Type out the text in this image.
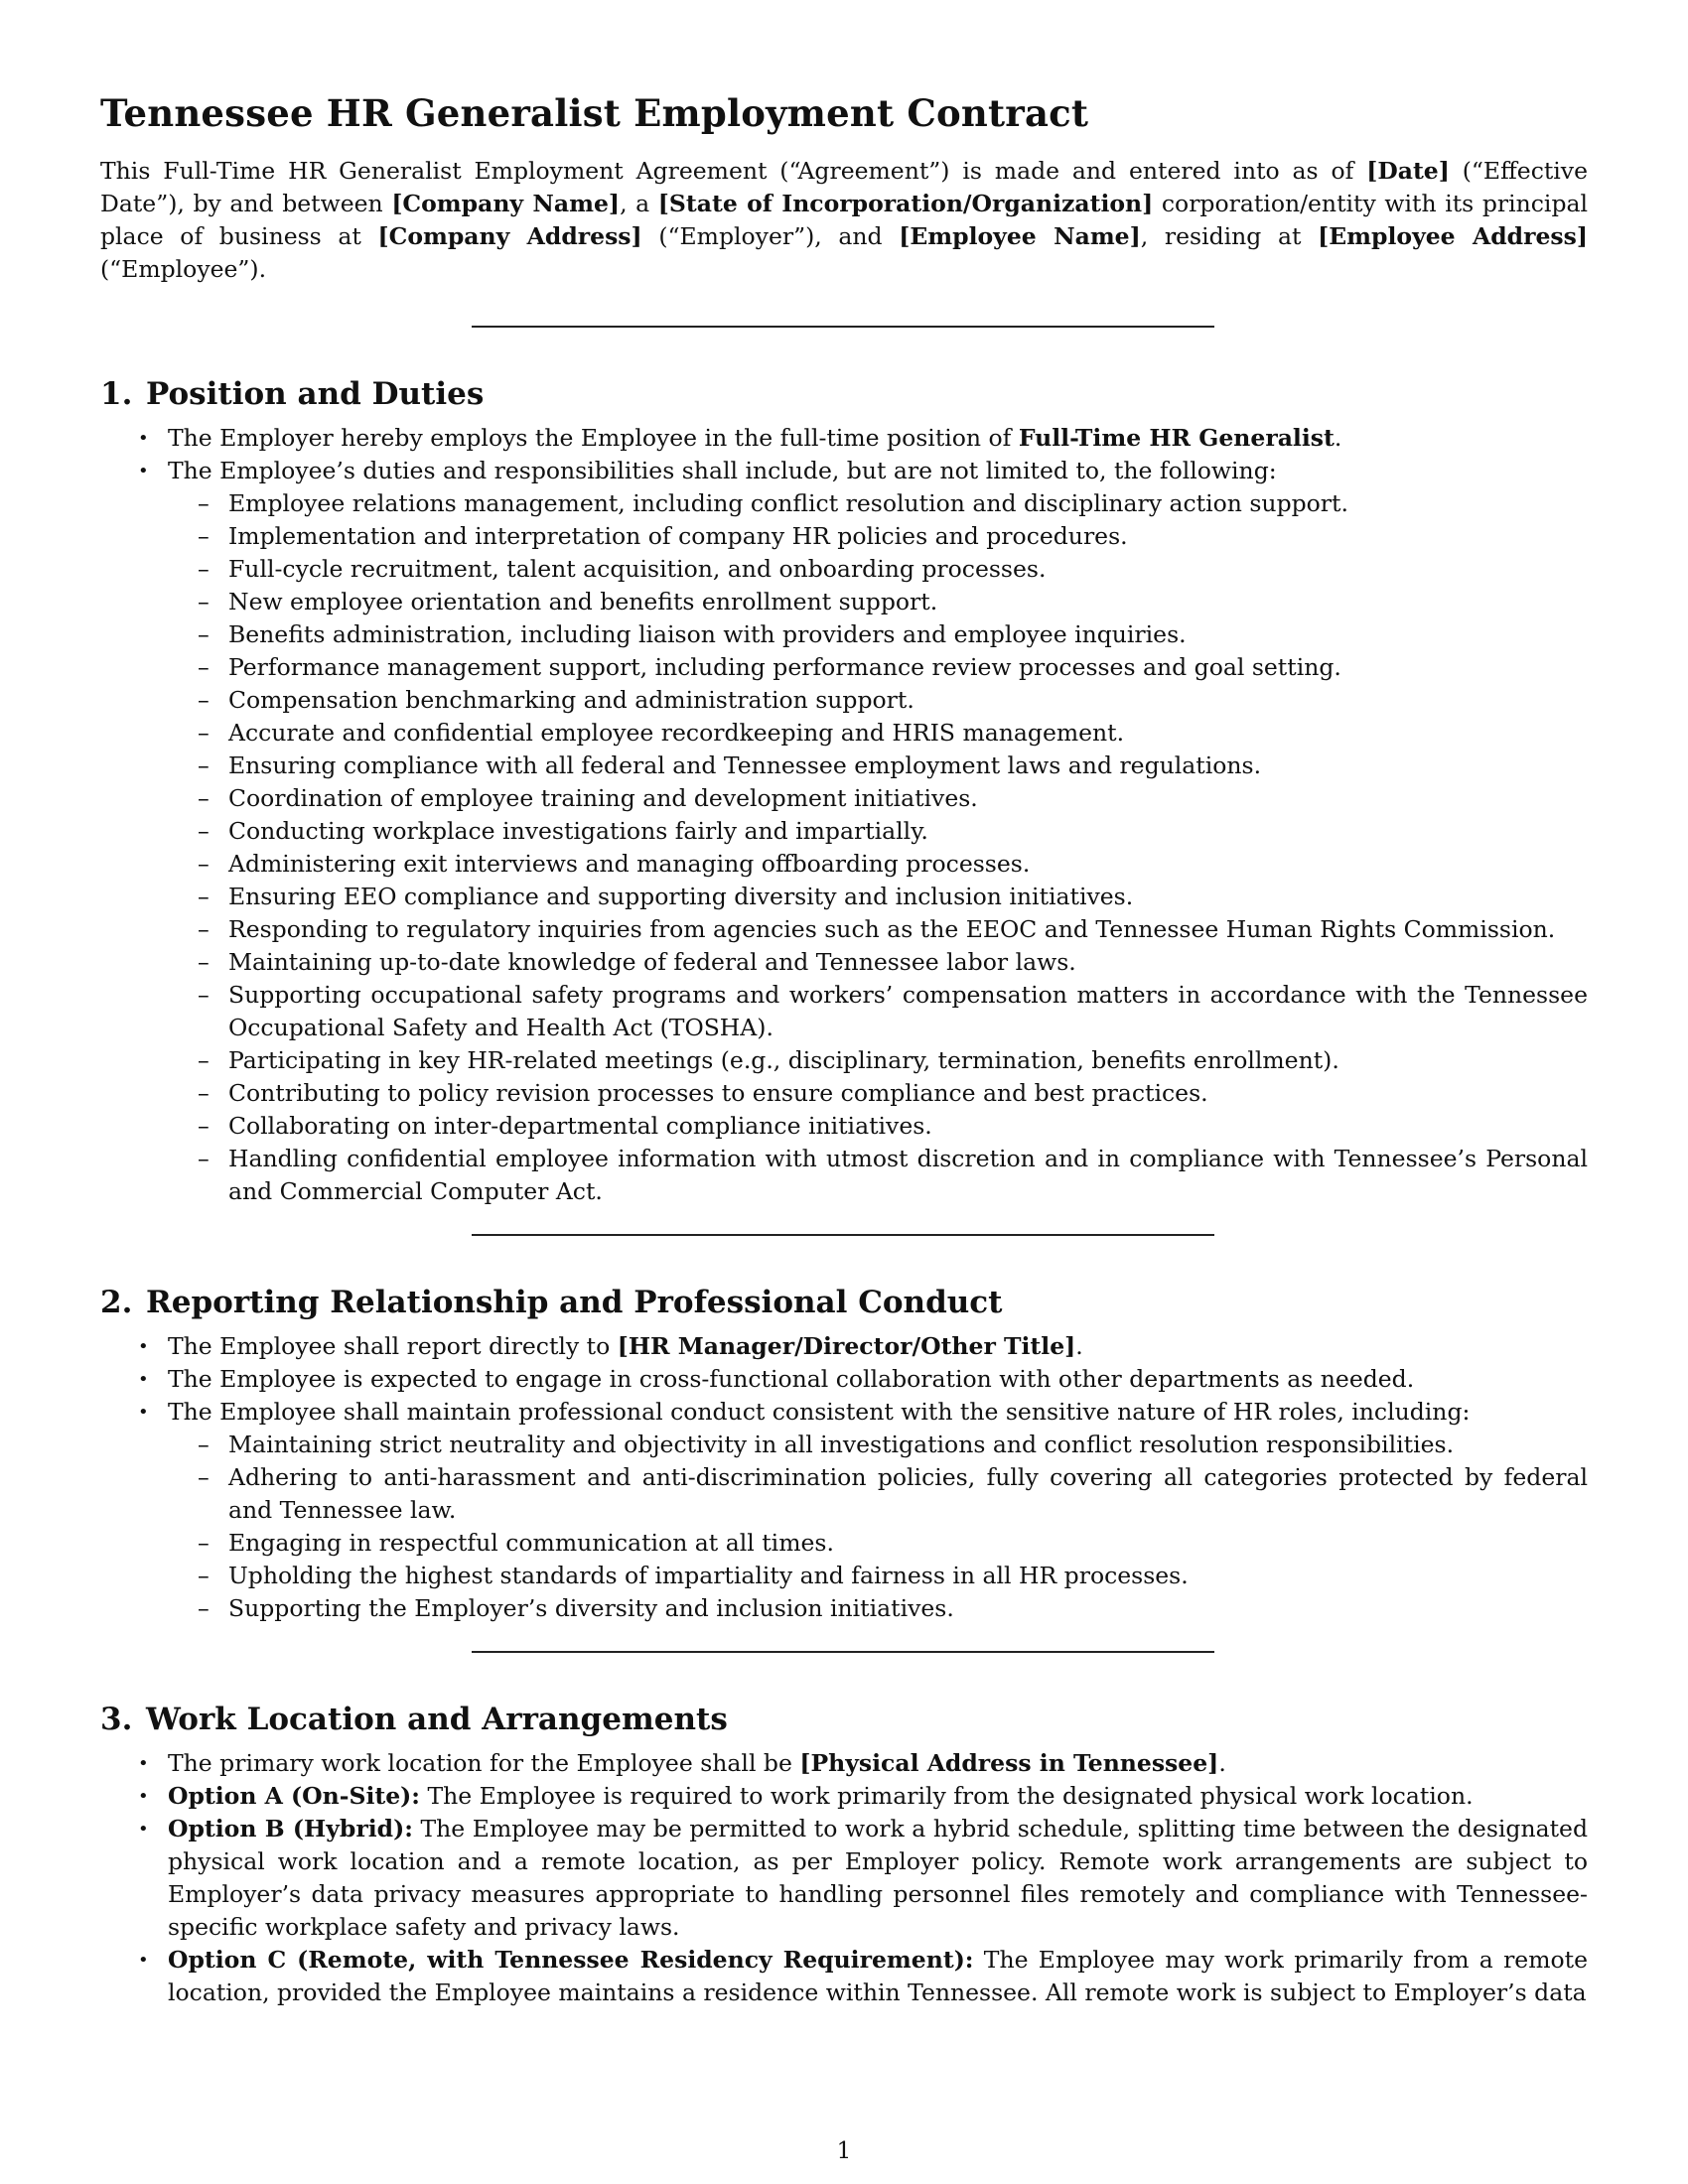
Tennessee HR Generalist Employment Contract

This Full-Time HR Generalist Employment Agreement (“Agreement”) is made and entered into as of [Date] (“Effective Date”), by and between [Company Name], a [State of Incorporation/Organization] corporation/entity with its principal place of business at [Company Address] (“Employer”), and [Employee Name], residing at [Employee Address] (“Employee”).

1. Position and Duties
• The Employer hereby employs the Employee in the full-time position of Full-Time HR Generalist.
• The Employee’s duties and responsibilities shall include, but are not limited to, the following:
– Employee relations management, including conflict resolution and disciplinary action support.
– Implementation and interpretation of company HR policies and procedures.
– Full-cycle recruitment, talent acquisition, and onboarding processes.
– New employee orientation and benefits enrollment support.
– Benefits administration, including liaison with providers and employee inquiries.
– Performance management support, including performance review processes and goal setting.
– Compensation benchmarking and administration support.
– Accurate and confidential employee recordkeeping and HRIS management.
– Ensuring compliance with all federal and Tennessee employment laws and regulations.
– Coordination of employee training and development initiatives.
– Conducting workplace investigations fairly and impartially.
– Administering exit interviews and managing offboarding processes.
– Ensuring EEO compliance and supporting diversity and inclusion initiatives.
– Responding to regulatory inquiries from agencies such as the EEOC and Tennessee Human Rights Commission.
– Maintaining up-to-date knowledge of federal and Tennessee labor laws.
– Supporting occupational safety programs and workers’ compensation matters in accordance with the Tennessee Occupational Safety and Health Act (TOSHA).
– Participating in key HR-related meetings (e.g., disciplinary, termination, benefits enrollment).
– Contributing to policy revision processes to ensure compliance and best practices.
– Collaborating on inter-departmental compliance initiatives.
– Handling confidential employee information with utmost discretion and in compliance with Tennessee’s Personal and Commercial Computer Act.
2. Reporting Relationship and Professional Conduct
• The Employee shall report directly to [HR Manager/Director/Other Title].
• The Employee is expected to engage in cross-functional collaboration with other departments as needed.
• The Employee shall maintain professional conduct consistent with the sensitive nature of HR roles, including:
– Maintaining strict neutrality and objectivity in all investigations and conflict resolution responsibilities.
– Adhering to anti-harassment and anti-discrimination policies, fully covering all categories protected by federal and Tennessee law.
– Engaging in respectful communication at all times.
– Upholding the highest standards of impartiality and fairness in all HR processes.
– Supporting the Employer’s diversity and inclusion initiatives.
3. Work Location and Arrangements
• The primary work location for the Employee shall be [Physical Address in Tennessee].
• Option A (On-Site): The Employee is required to work primarily from the designated physical work location.
• Option B (Hybrid): The Employee may be permitted to work a hybrid schedule, splitting time between the designated physical work location and a remote location, as per Employer policy. Remote work arrangements are subject to Employer’s data privacy measures appropriate to handling personnel files remotely and compliance with Tennessee-specific workplace safety and privacy laws.
• Option C (Remote, with Tennessee Residency Requirement): The Employee may work primarily from a remote location, provided the Employee maintains a residence within Tennessee. All remote work is subject to Employer’s data
1
